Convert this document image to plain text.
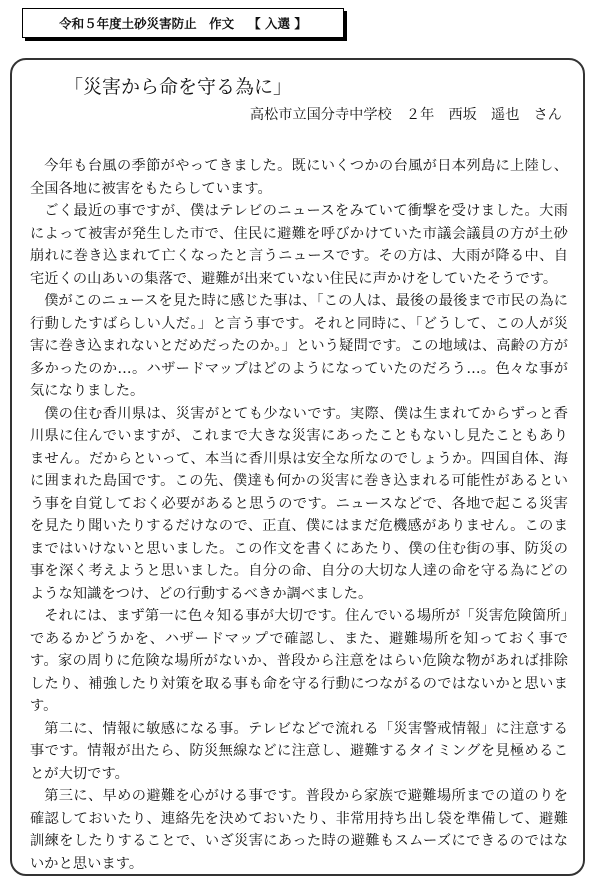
令和５年度土砂災害防止　作文 【 入選 】
「災害から命を守る為に」
高松市立国分寺中学校　２年　西坂　遥也　さん

今年も台風の季節がやってきました。既にいくつかの台風が日本列島に上陸し、全国各地に被害をもたらしています。

ごく最近の事ですが、僕はテレビのニュースをみていて衝撃を受けました。大雨によって被害が発生した市で、住民に避難を呼びかけていた市議会議員の方が土砂崩れに巻き込まれて亡くなったと言うニュースです。その方は、大雨が降る中、自宅近くの山あいの集落で、避難が出来ていない住民に声かけをしていたそうです。

僕がこのニュースを見た時に感じた事は、「この人は、最後の最後まで市民の為に行動したすばらしい人だ。」と言う事です。それと同時に、「どうして、この人が災害に巻き込まれないとだめだったのか。」という疑問です。この地域は、高齢の方が多かったのか…。ハザードマップはどのようになっていたのだろう…。色々な事が気になりました。

僕の住む香川県は、災害がとても少ないです。実際、僕は生まれてからずっと香川県に住んでいますが、これまで大きな災害にあったこともないし見たこともありません。だからといって、本当に香川県は安全な所なのでしょうか。四国自体、海に囲まれた島国です。この先、僕達も何かの災害に巻き込まれる可能性があるという事を自覚しておく必要があると思うのです。ニュースなどで、各地で起こる災害を見たり聞いたりするだけなので、正直、僕にはまだ危機感がありません。このままではいけないと思いました。この作文を書くにあたり、僕の住む街の事、防災の事を深く考えようと思いました。自分の命、自分の大切な人達の命を守る為にどのような知識をつけ、どの行動するべきか調べました。

それには、まず第一に色々知る事が大切です。住んでいる場所が「災害危険箇所」であるかどうかを、ハザードマップで確認し、また、避難場所を知っておく事です。家の周りに危険な場所がないか、普段から注意をはらい危険な物があれば排除したり、補強したり対策を取る事も命を守る行動につながるのではないかと思います。

第二に、情報に敏感になる事。テレビなどで流れる「災害警戒情報」に注意する事です。情報が出たら、防災無線などに注意し、避難するタイミングを見極めることが大切です。

第三に、早めの避難を心がける事です。普段から家族で避難場所までの道のりを確認しておいたり、連絡先を決めておいたり、非常用持ち出し袋を準備して、避難訓練をしたりすることで、いざ災害にあった時の避難もスムーズにできるのではないかと思います。
